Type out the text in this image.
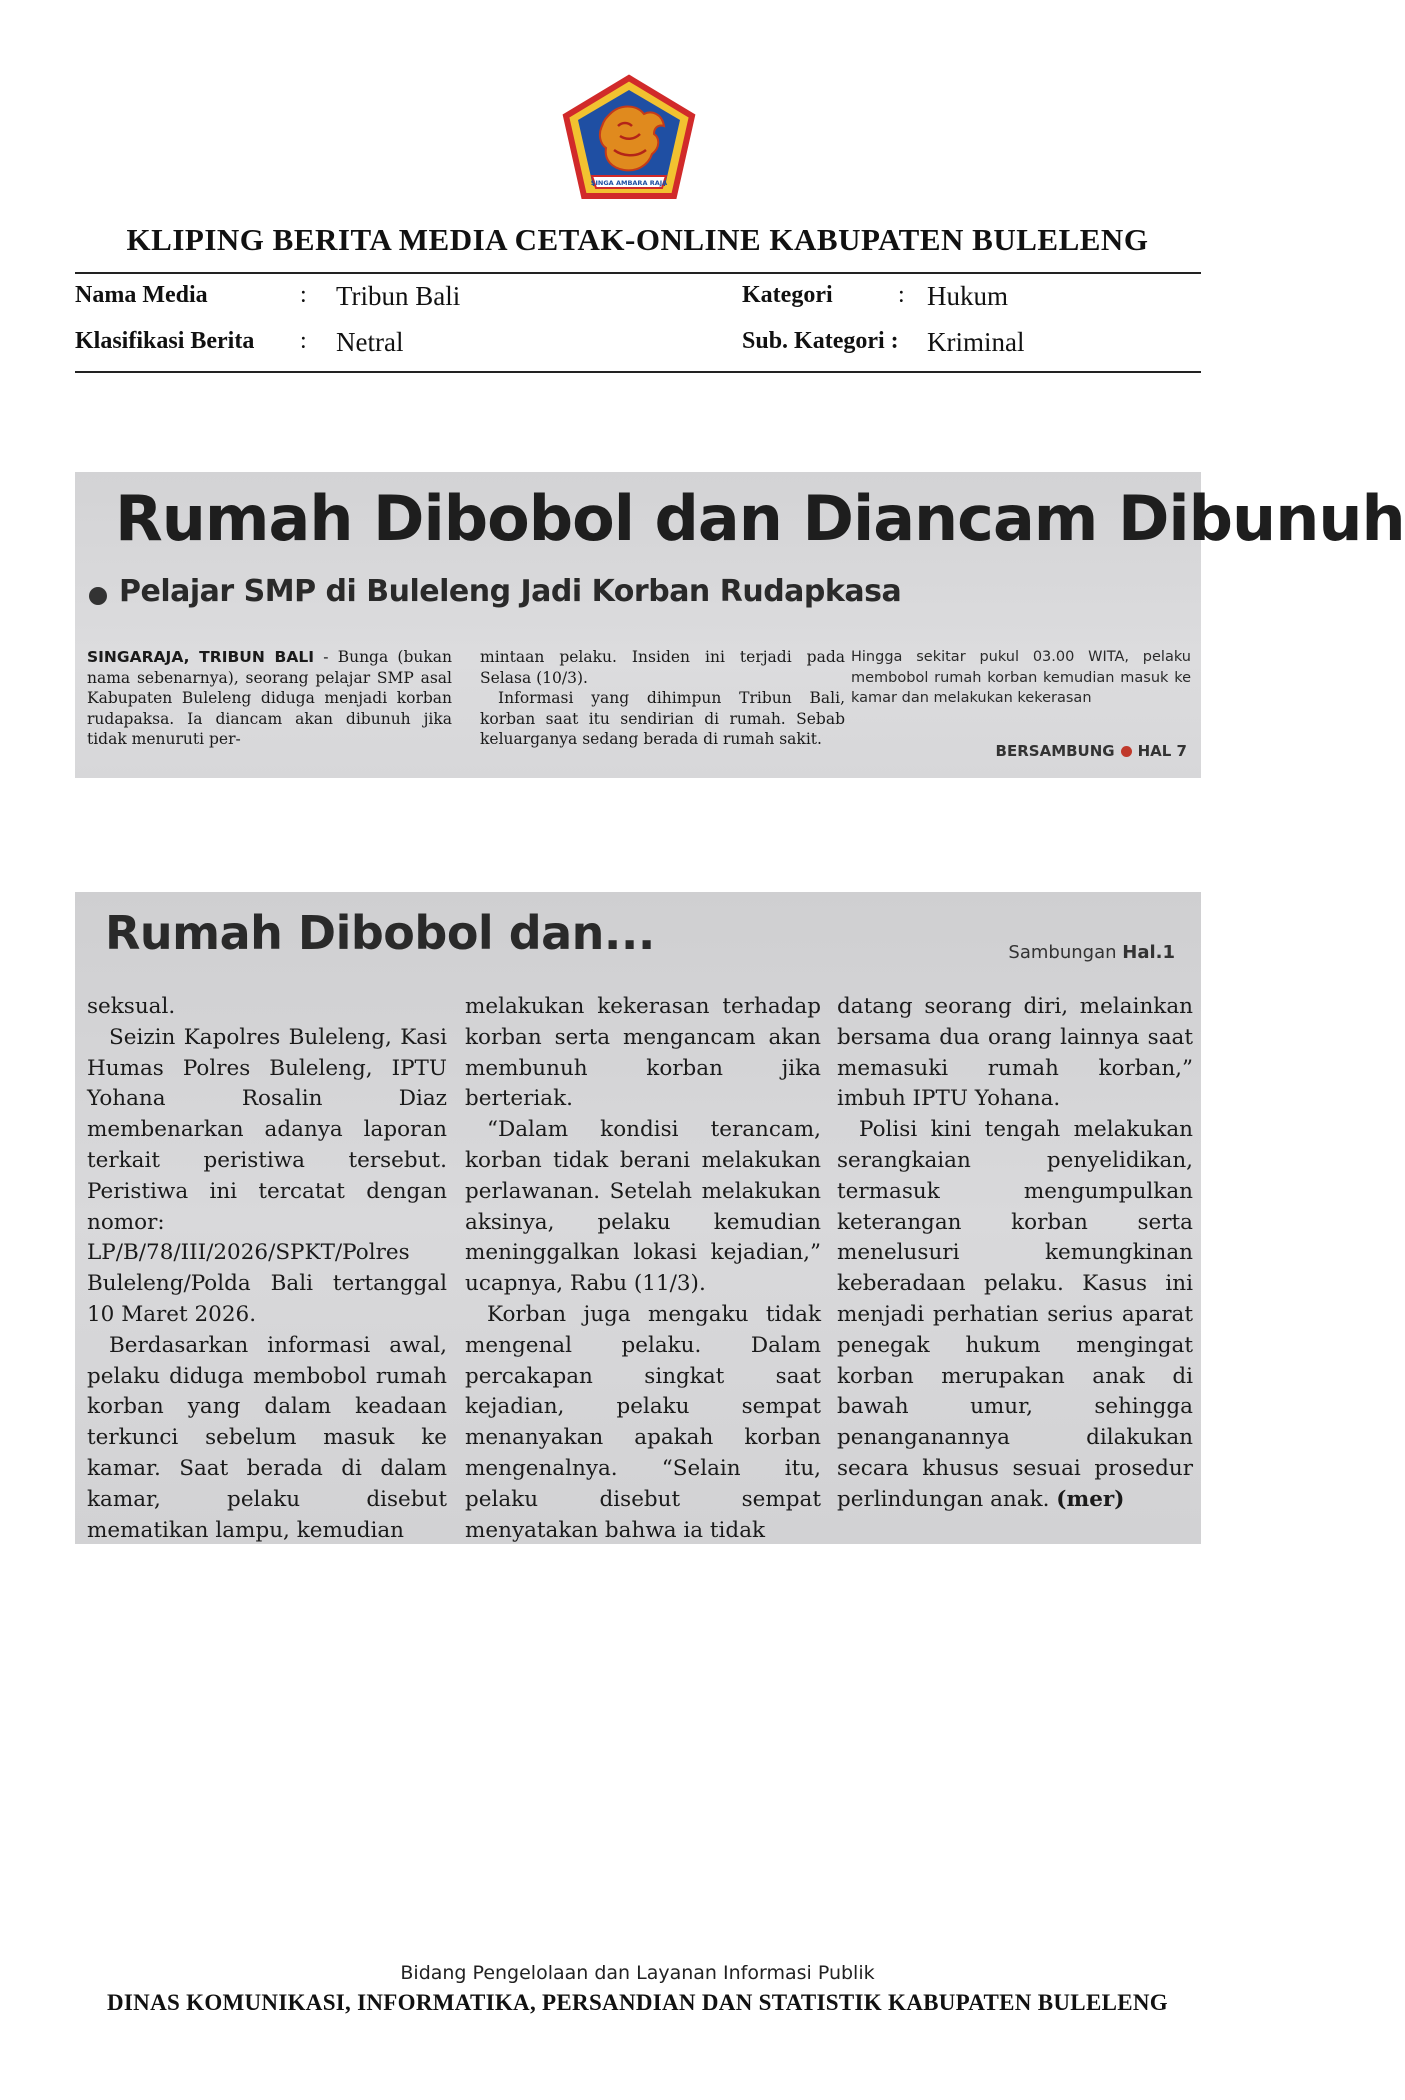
SINGA AMBARA RAJA
KLIPING BERITA MEDIA CETAK-ONLINE KABUPATEN BULELENG
Nama Media	: Tribun Bali	Kategori	: Hukum
Klasifikasi Berita : Netral	Sub. Kategori : Kriminal
Rumah Dibobol dan Diancam Dibunuh
Pelajar SMP di Buleleng Jadi Korban Rudapkasa
SINGARAJA, TRIBUN BALI - Bunga (bukan nama sebenarnya), seorang pelajar SMP asal Kabupaten Buleleng diduga menjadi korban rudapaksa. Ia diancam akan dibunuh jika tidak menuruti per-
mintaan pelaku. Insiden ini terjadi pada Selasa (10/3).
Informasi yang dihimpun Tribun Bali, korban saat itu sendirian di rumah. Sebab keluarganya sedang berada di rumah sakit.
Hingga sekitar pukul 03.00 WITA, pelaku membobol rumah korban kemudian masuk ke kamar dan melakukan kekerasan
BERSAMBUNG HAL 7
Rumah Dibobol dan...	Sambungan Hal.1

seksual.

Seizin Kapolres Buleleng, Kasi Humas Polres Buleleng, IPTU Yohana Rosalin Diaz membenarkan adanya laporan terkait peristiwa tersebut. Peristiwa ini tercatat dengan nomor: LP/B/78/III/2026/SPKT/Polres Buleleng/Polda Bali tertanggal 10 Maret 2026.

Berdasarkan informasi awal, pelaku diduga membobol rumah korban yang dalam keadaan terkunci sebelum masuk ke kamar. Saat berada di dalam kamar, pelaku disebut mematikan lampu, kemudian

melakukan kekerasan terhadap korban serta mengancam akan membunuh korban jika berteriak.

“Dalam kondisi terancam, korban tidak berani melakukan perlawanan. Setelah melakukan aksinya, pelaku kemudian meninggalkan lokasi kejadian,” ucapnya, Rabu (11/3).

Korban juga mengaku tidak mengenal pelaku. Dalam percakapan singkat saat kejadian, pelaku sempat menanyakan apakah korban mengenalnya. “Selain itu, pelaku disebut sempat menyatakan bahwa ia tidak

datang seorang diri, melainkan bersama dua orang lainnya saat memasuki rumah korban,” imbuh IPTU Yohana.

Polisi kini tengah melakukan serangkaian penyelidikan, termasuk mengumpulkan keterangan korban serta menelusuri kemungkinan keberadaan pelaku. Kasus ini menjadi perhatian serius aparat penegak hukum mengingat korban merupakan anak di bawah umur, sehingga penanganannya dilakukan secara khusus sesuai prosedur perlindungan anak. (mer)

Bidang Pengelolaan dan Layanan Informasi Publik
DINAS KOMUNIKASI, INFORMATIKA, PERSANDIAN DAN STATISTIK KABUPATEN BULELENG
